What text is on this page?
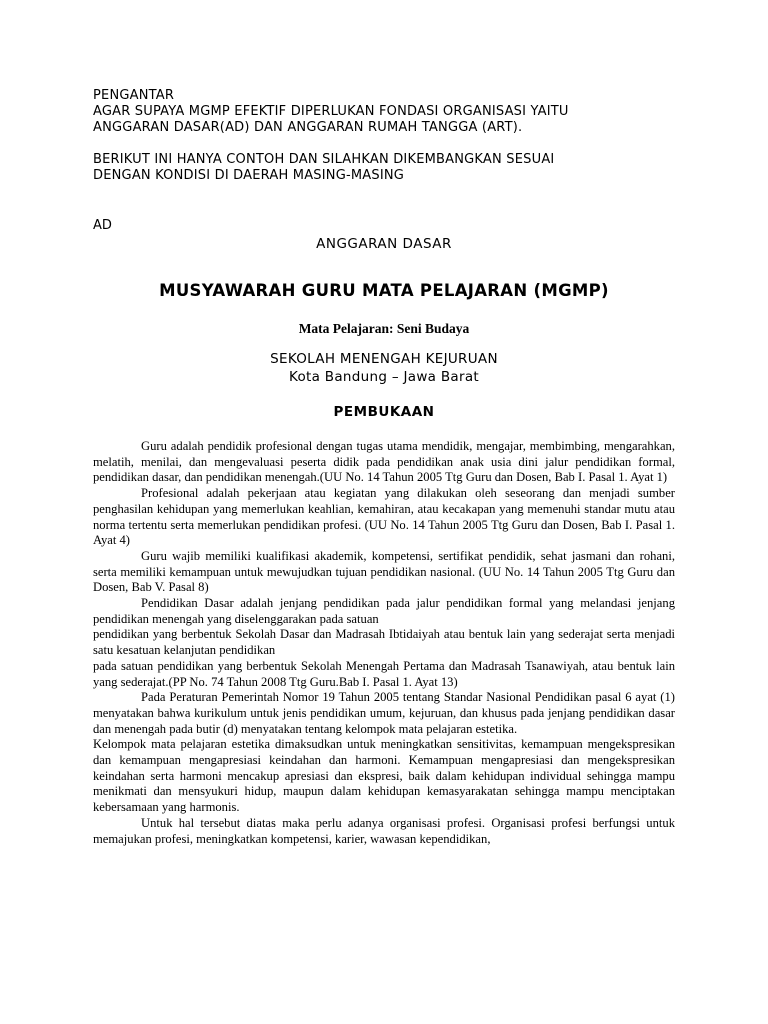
PENGANTAR
AGAR SUPAYA MGMP EFEKTIF DIPERLUKAN FONDASI ORGANISASI YAITU
ANGGARAN DASAR(AD) DAN ANGGARAN RUMAH TANGGA (ART).
BERIKUT INI HANYA CONTOH DAN SILAHKAN DIKEMBANGKAN SESUAI
DENGAN KONDISI DI DAERAH MASING-MASING
AD
ANGGARAN DASAR
MUSYAWARAH GURU MATA PELAJARAN (MGMP)
Mata Pelajaran: Seni Budaya
SEKOLAH MENENGAH KEJURUAN
Kota Bandung – Jawa Barat
PEMBUKAAN

Guru adalah pendidik profesional dengan tugas utama mendidik, mengajar, membimbing, mengarahkan, melatih, menilai, dan mengevaluasi peserta didik pada pendidikan anak usia dini jalur pendidikan formal, pendidikan dasar, dan pendidikan menengah.(UU No. 14 Tahun 2005 Ttg Guru dan Dosen, Bab I. Pasal 1. Ayat 1)

Profesional adalah pekerjaan atau kegiatan yang dilakukan oleh seseorang dan menjadi sumber penghasilan kehidupan yang memerlukan keahlian, kemahiran, atau kecakapan yang memenuhi standar mutu atau norma tertentu serta memerlukan pendidikan profesi. (UU No. 14 Tahun 2005 Ttg Guru dan Dosen, Bab I. Pasal 1. Ayat 4)

Guru wajib memiliki kualifikasi akademik, kompetensi, sertifikat pendidik, sehat jasmani dan rohani, serta memiliki kemampuan untuk mewujudkan tujuan pendidikan nasional. (UU No. 14 Tahun 2005 Ttg Guru dan Dosen, Bab V. Pasal 8)

Pendidikan Dasar adalah jenjang pendidikan pada jalur pendidikan formal yang melandasi jenjang pendidikan menengah yang diselenggarakan pada satuan

pendidikan yang berbentuk Sekolah Dasar dan Madrasah Ibtidaiyah atau bentuk lain yang sederajat serta menjadi satu kesatuan kelanjutan pendidikan

pada satuan pendidikan yang berbentuk Sekolah Menengah Pertama dan Madrasah Tsanawiyah, atau bentuk lain yang sederajat.(PP No. 74 Tahun 2008 Ttg Guru.Bab I. Pasal 1. Ayat 13)

Pada Peraturan Pemerintah Nomor 19 Tahun 2005 tentang Standar Nasional Pendidikan pasal 6 ayat (1) menyatakan bahwa kurikulum untuk jenis pendidikan umum, kejuruan, dan khusus pada jenjang pendidikan dasar dan menengah pada butir (d) menyatakan tentang kelompok mata pelajaran estetika.

Kelompok mata pelajaran estetika dimaksudkan untuk meningkatkan sensitivitas, kemampuan mengekspresikan dan kemampuan mengapresiasi keindahan dan harmoni. Kemampuan mengapresiasi dan mengekspresikan keindahan serta harmoni mencakup apresiasi dan ekspresi, baik dalam kehidupan individual sehingga mampu menikmati dan mensyukuri hidup, maupun dalam kehidupan kemasyarakatan sehingga mampu menciptakan kebersamaan yang harmonis.

Untuk hal tersebut diatas maka perlu adanya organisasi profesi. Organisasi profesi berfungsi untuk memajukan profesi, meningkatkan kompetensi, karier, wawasan kependidikan,
